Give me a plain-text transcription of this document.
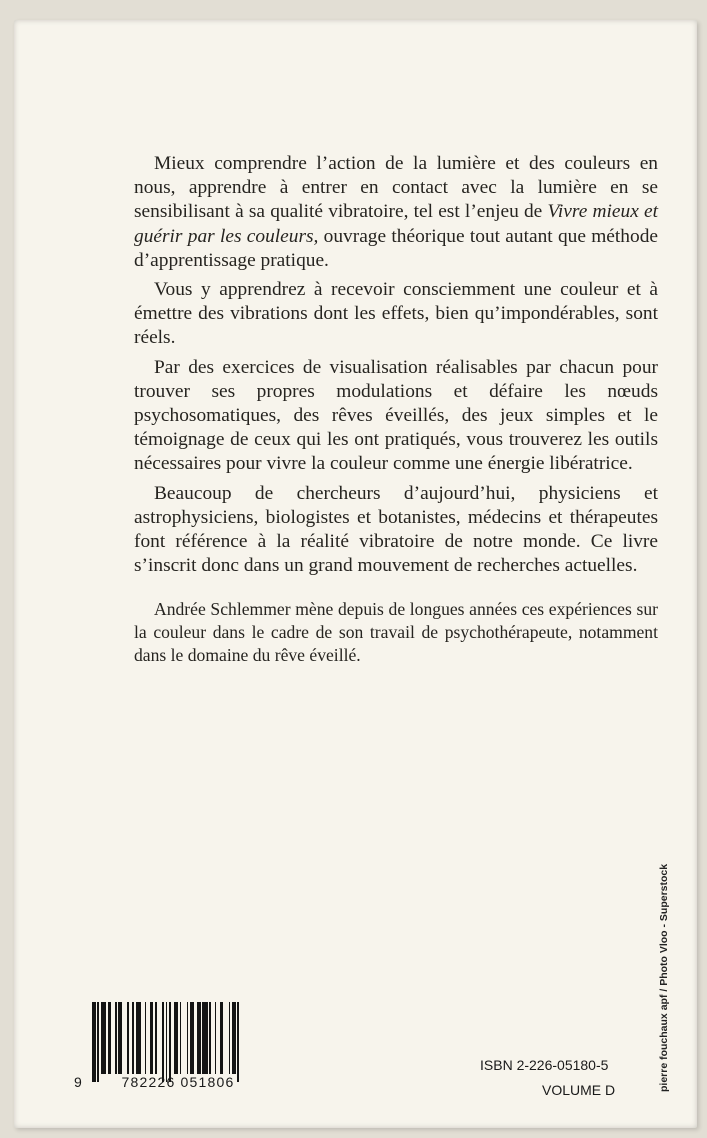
Mieux comprendre l’action de la lumière et des couleurs en nous, apprendre à entrer en contact avec la lumière en se sensibilisant à sa qualité vibratoire, tel est l’enjeu de Vivre mieux et guérir par les couleurs, ouvrage théorique tout autant que méthode d’apprentissage pratique.

Vous y apprendrez à recevoir consciemment une couleur et à émettre des vibrations dont les effets, bien qu’impondérables, sont réels.

Par des exercices de visualisation réalisables par chacun pour trouver ses propres modulations et défaire les nœuds psychosomatiques, des rêves éveillés, des jeux simples et le témoignage de ceux qui les ont pratiqués, vous trouverez les outils nécessaires pour vivre la couleur comme une énergie libératrice.

Beaucoup de chercheurs d’aujourd’hui, physiciens et astrophysiciens, biologistes et botanistes, médecins et thérapeutes font référence à la réalité vibratoire de notre monde. Ce livre s’inscrit donc dans un grand mouvement de recherches actuelles.

Andrée Schlemmer mène depuis de longues années ces expériences sur la couleur dans le cadre de son travail de psychothérapeute, notamment dans le domaine du rêve éveillé.

pierre fouchaux apf / Photo Vloo - Superstock
9	782226 051806
ISBN 2-226-05180-5
VOLUME D
